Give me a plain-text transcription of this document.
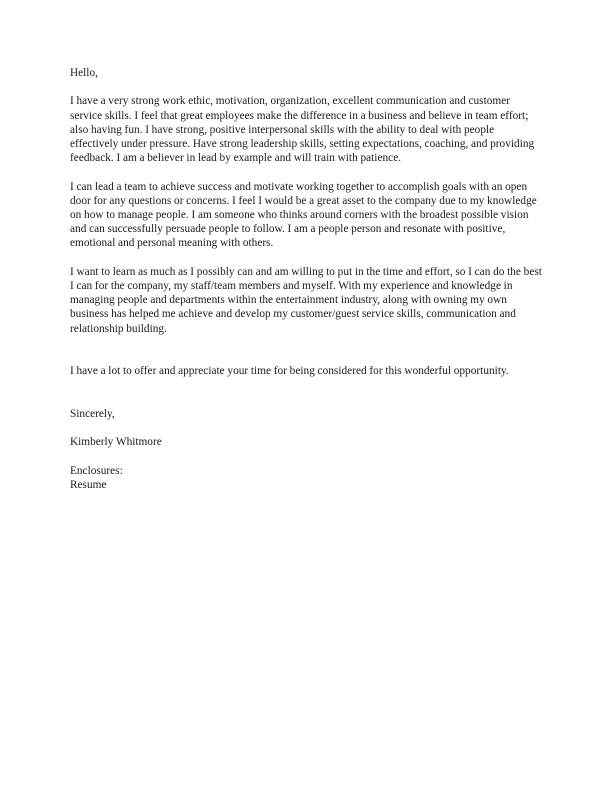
Hello,

I have a very strong work ethic, motivation, organization, excellent communication and customer service skills. I feel that great employees make the difference in a business and believe in team effort; also having fun. I have strong, positive interpersonal skills with the ability to deal with people effectively under pressure. Have strong leadership skills, setting expectations, coaching, and providing feedback. I am a believer in lead by example and will train with patience.

I can lead a team to achieve success and motivate working together to accomplish goals with an open door for any questions or concerns. I feel I would be a great asset to the company due to my knowledge on how to manage people. I am someone who thinks around corners with the broadest possible vision and can successfully persuade people to follow. I am a people person and resonate with positive, emotional and personal meaning with others.

I want to learn as much as I possibly can and am willing to put in the time and effort, so I can do the best I can for the company, my staff/team members and myself. With my experience and knowledge in managing people and departments within the entertainment industry, along with owning my own business has helped me achieve and develop my customer/guest service skills, communication and relationship building.

I have a lot to offer and appreciate your time for being considered for this wonderful opportunity.

Sincerely,

Kimberly Whitmore

Enclosures:

Resume
